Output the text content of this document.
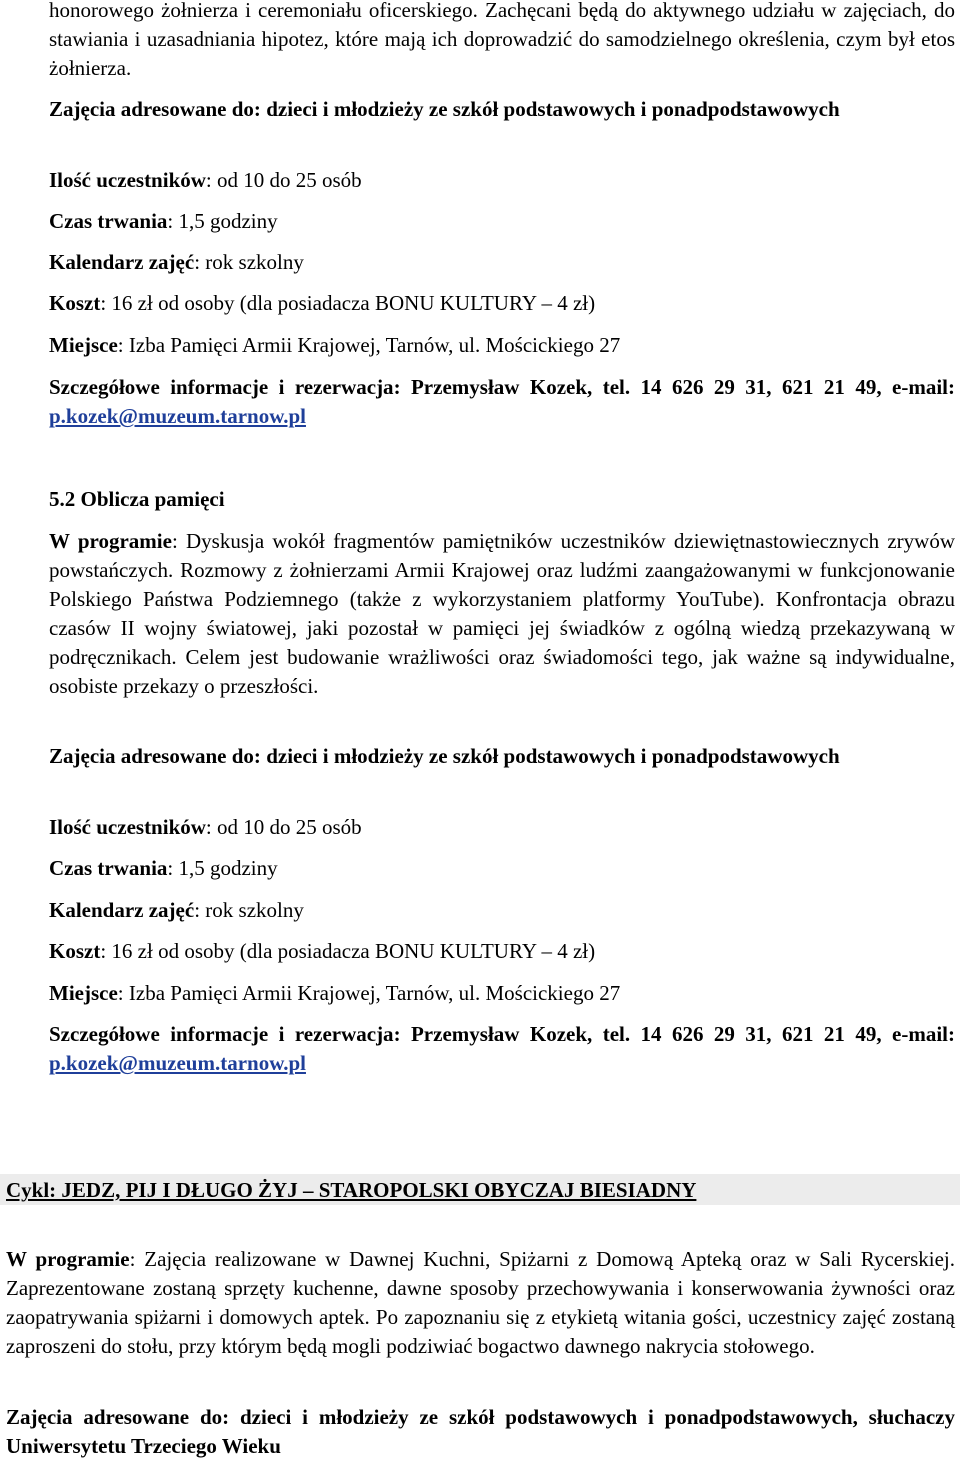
honorowego żołnierza i ceremoniału oficerskiego. Zachęcani będą do aktywnego udziału w zajęciach, do stawiania i uzasadniania hipotez, które mają ich doprowadzić do samodzielnego określenia, czym był etos żołnierza.
Zajęcia adresowane do: dzieci i młodzieży ze szkół podstawowych i ponadpodstawowych
Ilość uczestników: od 10 do 25 osób
Czas trwania: 1,5 godziny
Kalendarz zajęć: rok szkolny
Koszt: 16 zł od osoby (dla posiadacza BONU KULTURY – 4 zł)
Miejsce: Izba Pamięci Armii Krajowej, Tarnów, ul. Mościckiego 27
Szczegółowe informacje i rezerwacja: Przemysław Kozek, tel. 14 626 29 31, 621 21 49, e-mail: p.kozek@muzeum.tarnow.pl
5.2 Oblicza pamięci
W programie: Dyskusja wokół fragmentów pamiętników uczestników dziewiętnastowiecznych zrywów powstańczych. Rozmowy z żołnierzami Armii Krajowej oraz ludźmi zaangażowanymi w funkcjonowanie Polskiego Państwa Podziemnego (także z wykorzystaniem platformy YouTube). Konfrontacja obrazu czasów II wojny światowej, jaki pozostał w pamięci jej świadków z ogólną wiedzą przekazywaną w podręcznikach. Celem jest budowanie wrażliwości oraz świadomości tego, jak ważne są indywidualne, osobiste przekazy o przeszłości.
Zajęcia adresowane do: dzieci i młodzieży ze szkół podstawowych i ponadpodstawowych
Ilość uczestników: od 10 do 25 osób
Czas trwania: 1,5 godziny
Kalendarz zajęć: rok szkolny
Koszt: 16 zł od osoby (dla posiadacza BONU KULTURY – 4 zł)
Miejsce: Izba Pamięci Armii Krajowej, Tarnów, ul. Mościckiego 27
Szczegółowe informacje i rezerwacja: Przemysław Kozek, tel. 14 626 29 31, 621 21 49, e-mail: p.kozek@muzeum.tarnow.pl
Cykl: JEDZ, PIJ I DŁUGO ŻYJ – STAROPOLSKI OBYCZAJ BIESIADNY
W programie: Zajęcia realizowane w Dawnej Kuchni, Spiżarni z Domową Apteką oraz w Sali Rycerskiej. Zaprezentowane zostaną sprzęty kuchenne, dawne sposoby przechowywania i konserwowania żywności oraz zaopatrywania spiżarni i domowych aptek. Po zapoznaniu się z etykietą witania gości, uczestnicy zajęć zostaną zaproszeni do stołu, przy którym będą mogli podziwiać bogactwo dawnego nakrycia stołowego.
Zajęcia adresowane do: dzieci i młodzieży ze szkół podstawowych i ponadpodstawowych, słuchaczy Uniwersytetu Trzeciego Wieku
